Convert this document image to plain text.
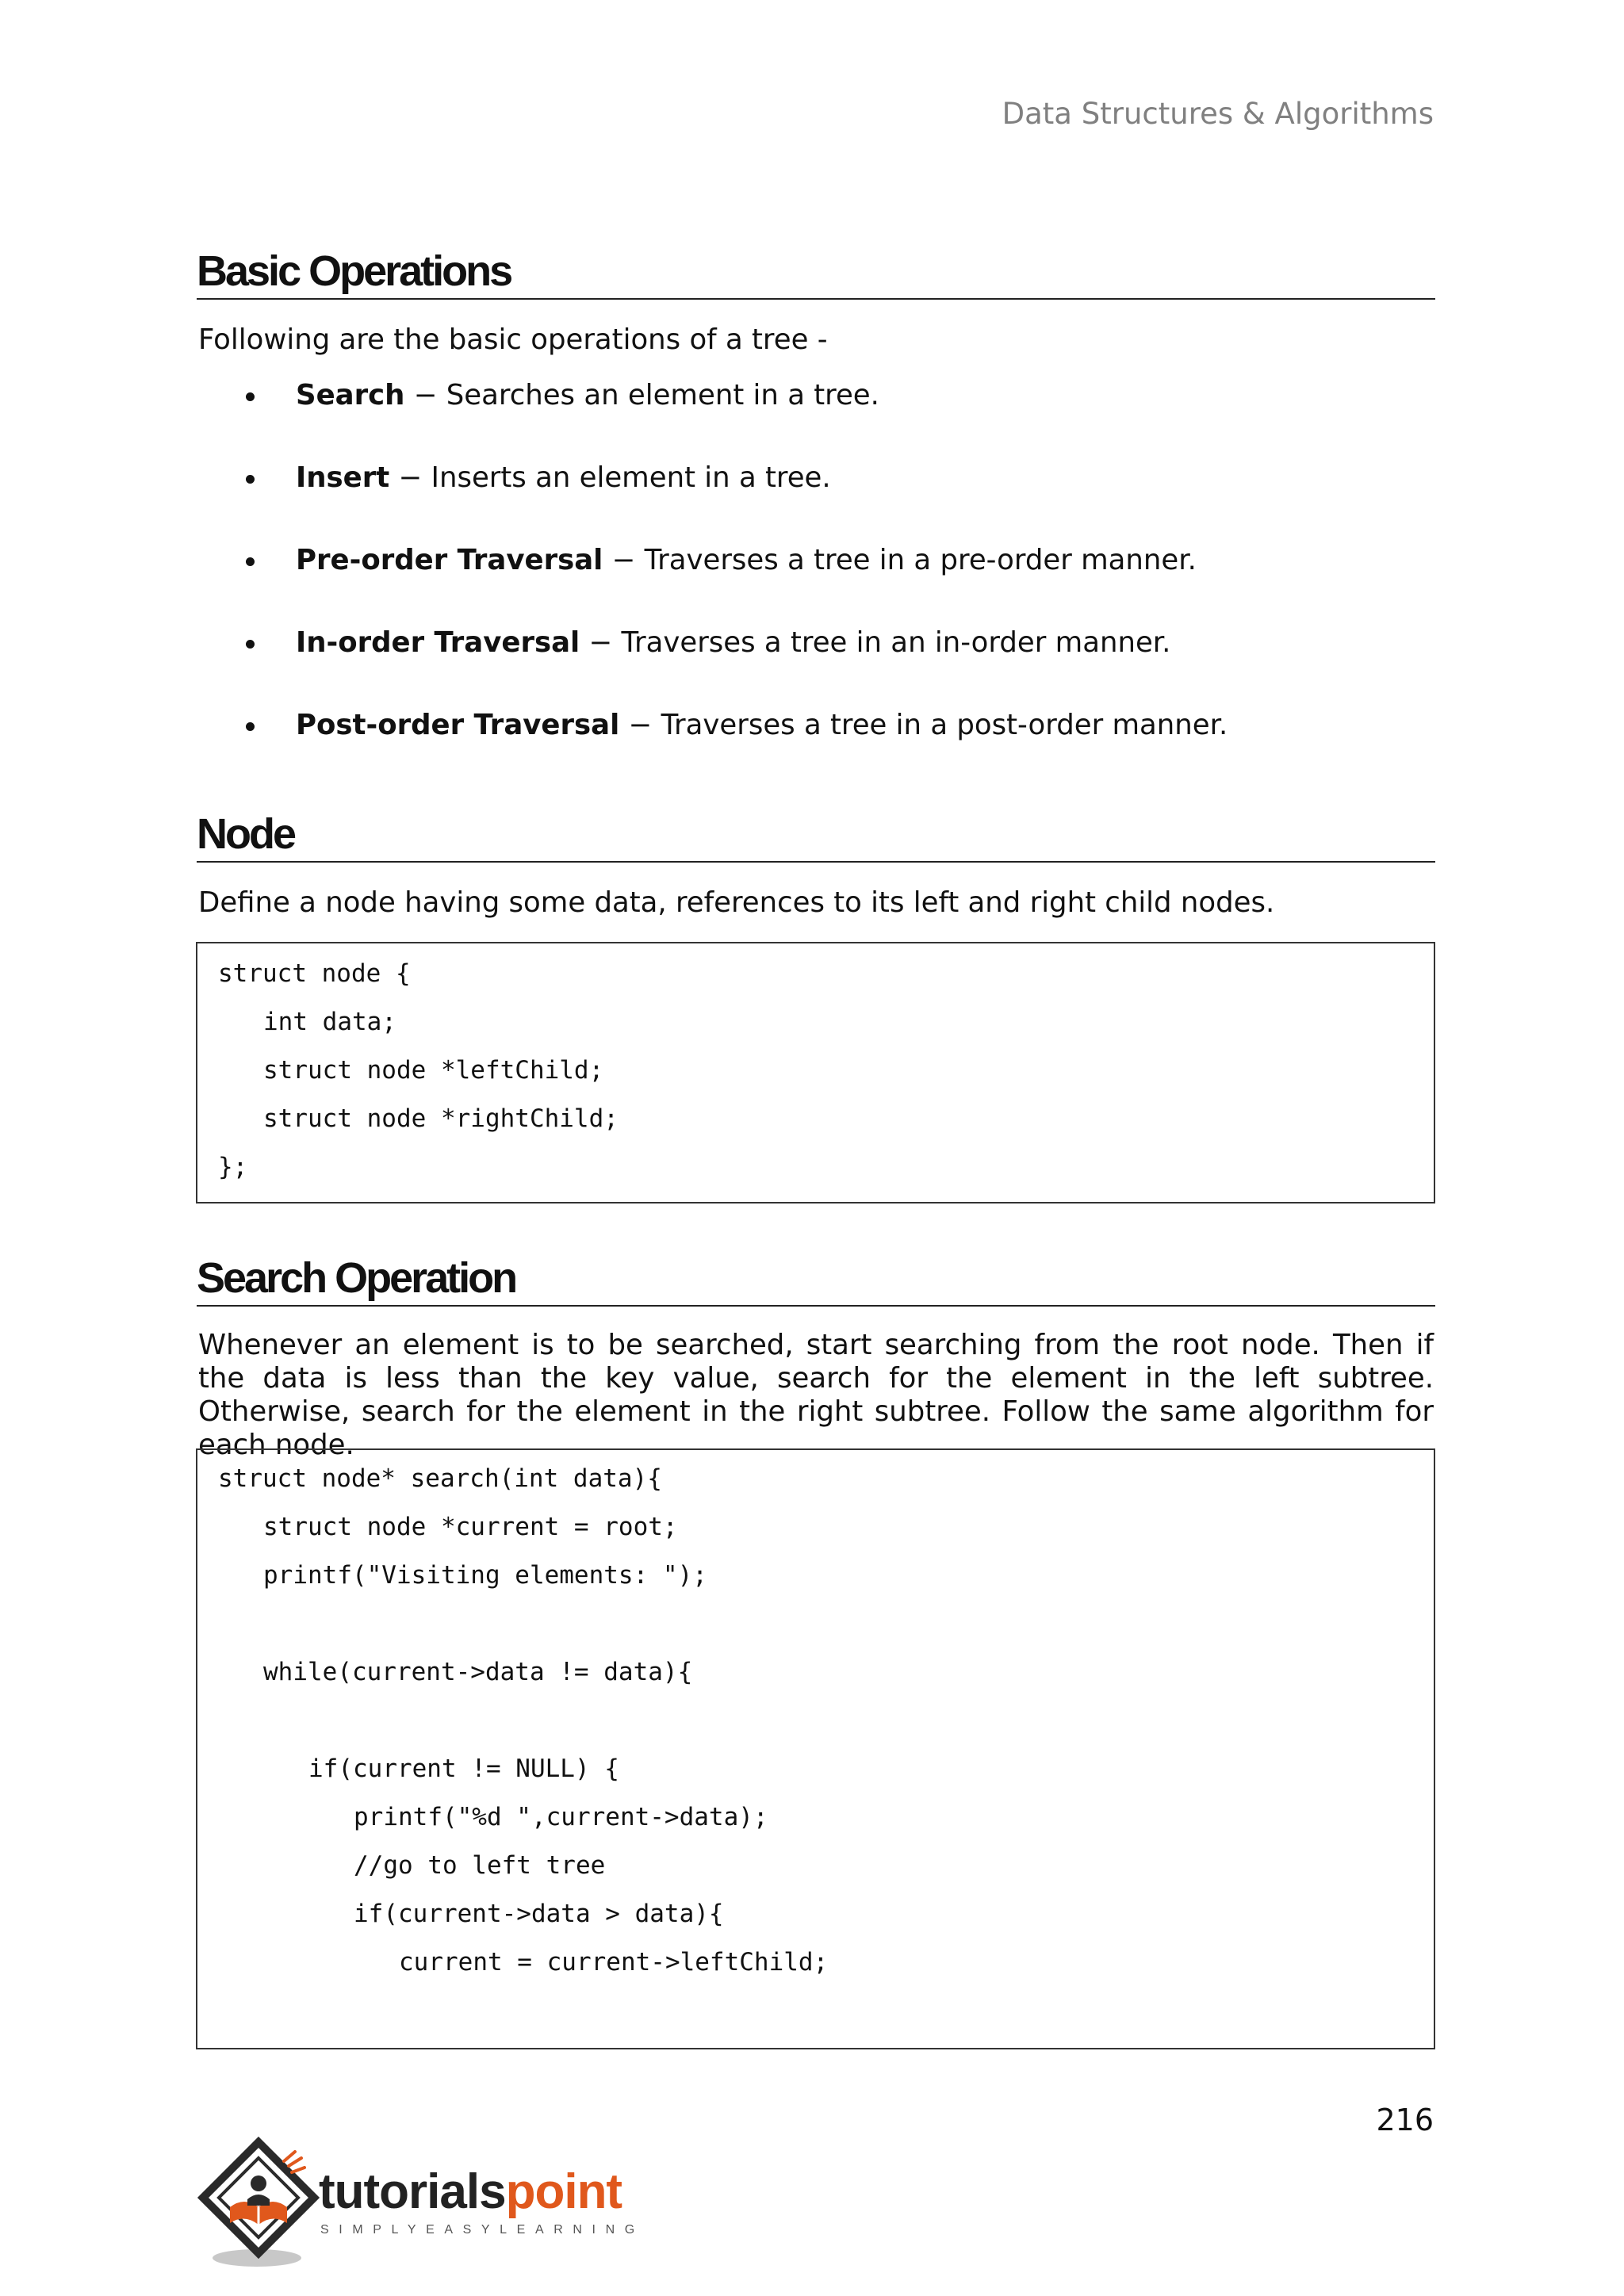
Data Structures & Algorithms
Basic Operations
Following are the basic operations of a tree -
Search − Searches an element in a tree.
Insert − Inserts an element in a tree.
Pre-order Traversal − Traverses a tree in a pre-order manner.
In-order Traversal − Traverses a tree in an in-order manner.
Post-order Traversal − Traverses a tree in a post-order manner.
Node
Define a node having some data, references to its left and right child nodes.
struct node {
int data;
struct node *leftChild;
struct node *rightChild;
};
Search Operation
Whenever an element is to be searched, start searching from the root node. Then if the data is less than the key value, search for the element in the left subtree. Otherwise, search for the element in the right subtree. Follow the same algorithm for each node.
struct node* search(int data){
struct node *current = root;
printf("Visiting elements: ");
while(current->data != data){
if(current != NULL) {
printf("%d ",current->data);
//go to left tree
if(current->data > data){
current = current->leftChild;
216
tutorialspoint
SIMPLYEASYLEARNING
